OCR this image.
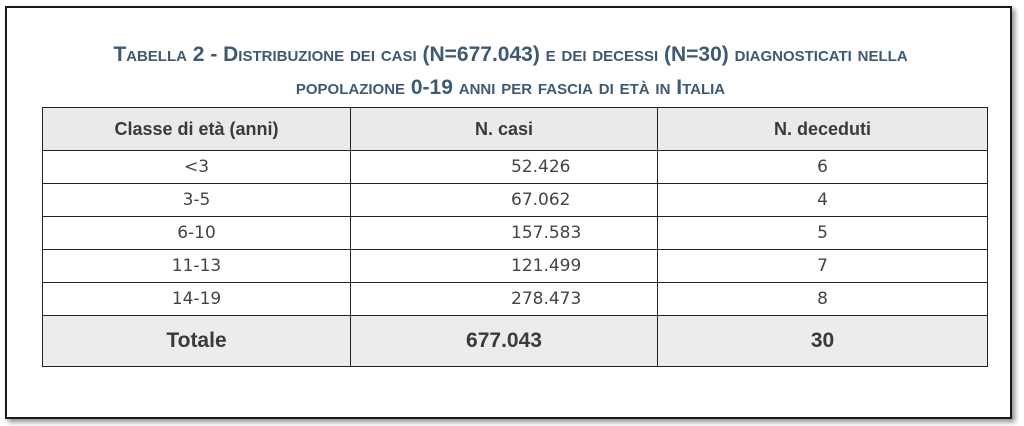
Tabella 2 - Distribuzione dei casi (N=677.043) e dei decessi (N=30) diagnosticati nella
popolazione 0-19 anni per fascia di età in Italia
Classe di età (anni)	N. casi	N. deceduti
<3	52.426	6
3-5	67.062	4
6-10	157.583	5
11-13	121.499	7
14-19	278.473	8
Totale	677.043	30
